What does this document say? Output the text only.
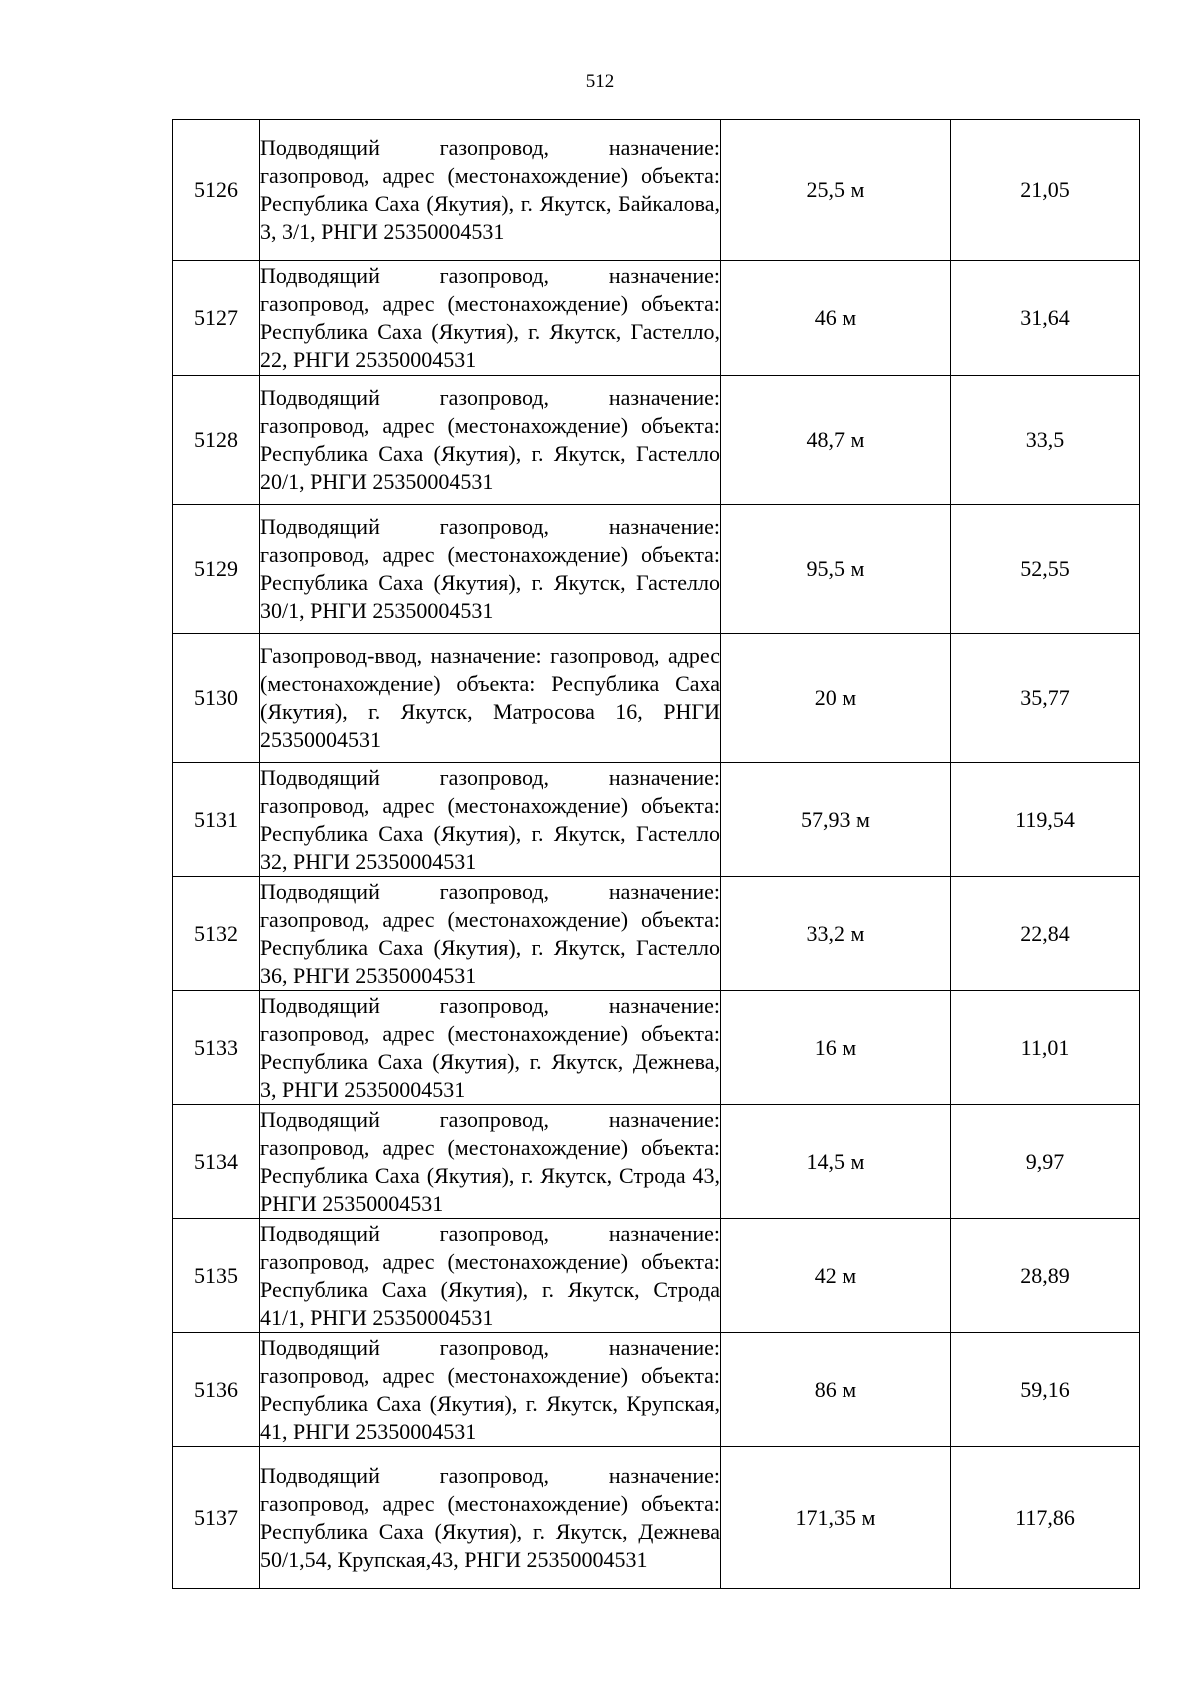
512
5126	Подводящий газопровод, назначение: газопровод, адрес (местонахождение) объекта: Республика Саха (Якутия), г. Якутск, Байкалова, 3, 3/1, РНГИ 25350004531	25,5 м	21,05
5127	Подводящий газопровод, назначение: газопровод, адрес (местонахождение) объекта: Республика Саха (Якутия), г. Якутск, Гастелло, 22, РНГИ 25350004531	46 м	31,64
5128	Подводящий газопровод, назначение: газопровод, адрес (местонахождение) объекта: Республика Саха (Якутия), г. Якутск, Гастелло 20/1, РНГИ 25350004531	48,7 м	33,5
5129	Подводящий газопровод, назначение: газопровод, адрес (местонахождение) объекта: Республика Саха (Якутия), г. Якутск, Гастелло 30/1, РНГИ 25350004531	95,5 м	52,55
5130	Газопровод-ввод, назначение: газопровод, адрес (местонахождение) объекта: Республика Саха (Якутия), г. Якутск, Матросова 16, РНГИ 25350004531	20 м	35,77
5131	Подводящий газопровод, назначение: газопровод, адрес (местонахождение) объекта: Республика Саха (Якутия), г. Якутск, Гастелло 32, РНГИ 25350004531	57,93 м	119,54
5132	Подводящий газопровод, назначение: газопровод, адрес (местонахождение) объекта: Республика Саха (Якутия), г. Якутск, Гастелло 36, РНГИ 25350004531	33,2 м	22,84
5133	Подводящий газопровод, назначение: газопровод, адрес (местонахождение) объекта: Республика Саха (Якутия), г. Якутск, Дежнева, 3, РНГИ 25350004531	16 м	11,01
5134	Подводящий газопровод, назначение: газопровод, адрес (местонахождение) объекта: Республика Саха (Якутия), г. Якутск, Строда 43, РНГИ 25350004531	14,5 м	9,97
5135	Подводящий газопровод, назначение: газопровод, адрес (местонахождение) объекта: Республика Саха (Якутия), г. Якутск, Строда 41/1, РНГИ 25350004531	42 м	28,89
5136	Подводящий газопровод, назначение: газопровод, адрес (местонахождение) объекта: Республика Саха (Якутия), г. Якутск, Крупская, 41, РНГИ 25350004531	86 м	59,16
5137	Подводящий газопровод, назначение: газопровод, адрес (местонахождение) объекта: Республика Саха (Якутия), г. Якутск, Дежнева 50/1,54, Крупская,43, РНГИ 25350004531	171,35 м	117,86
